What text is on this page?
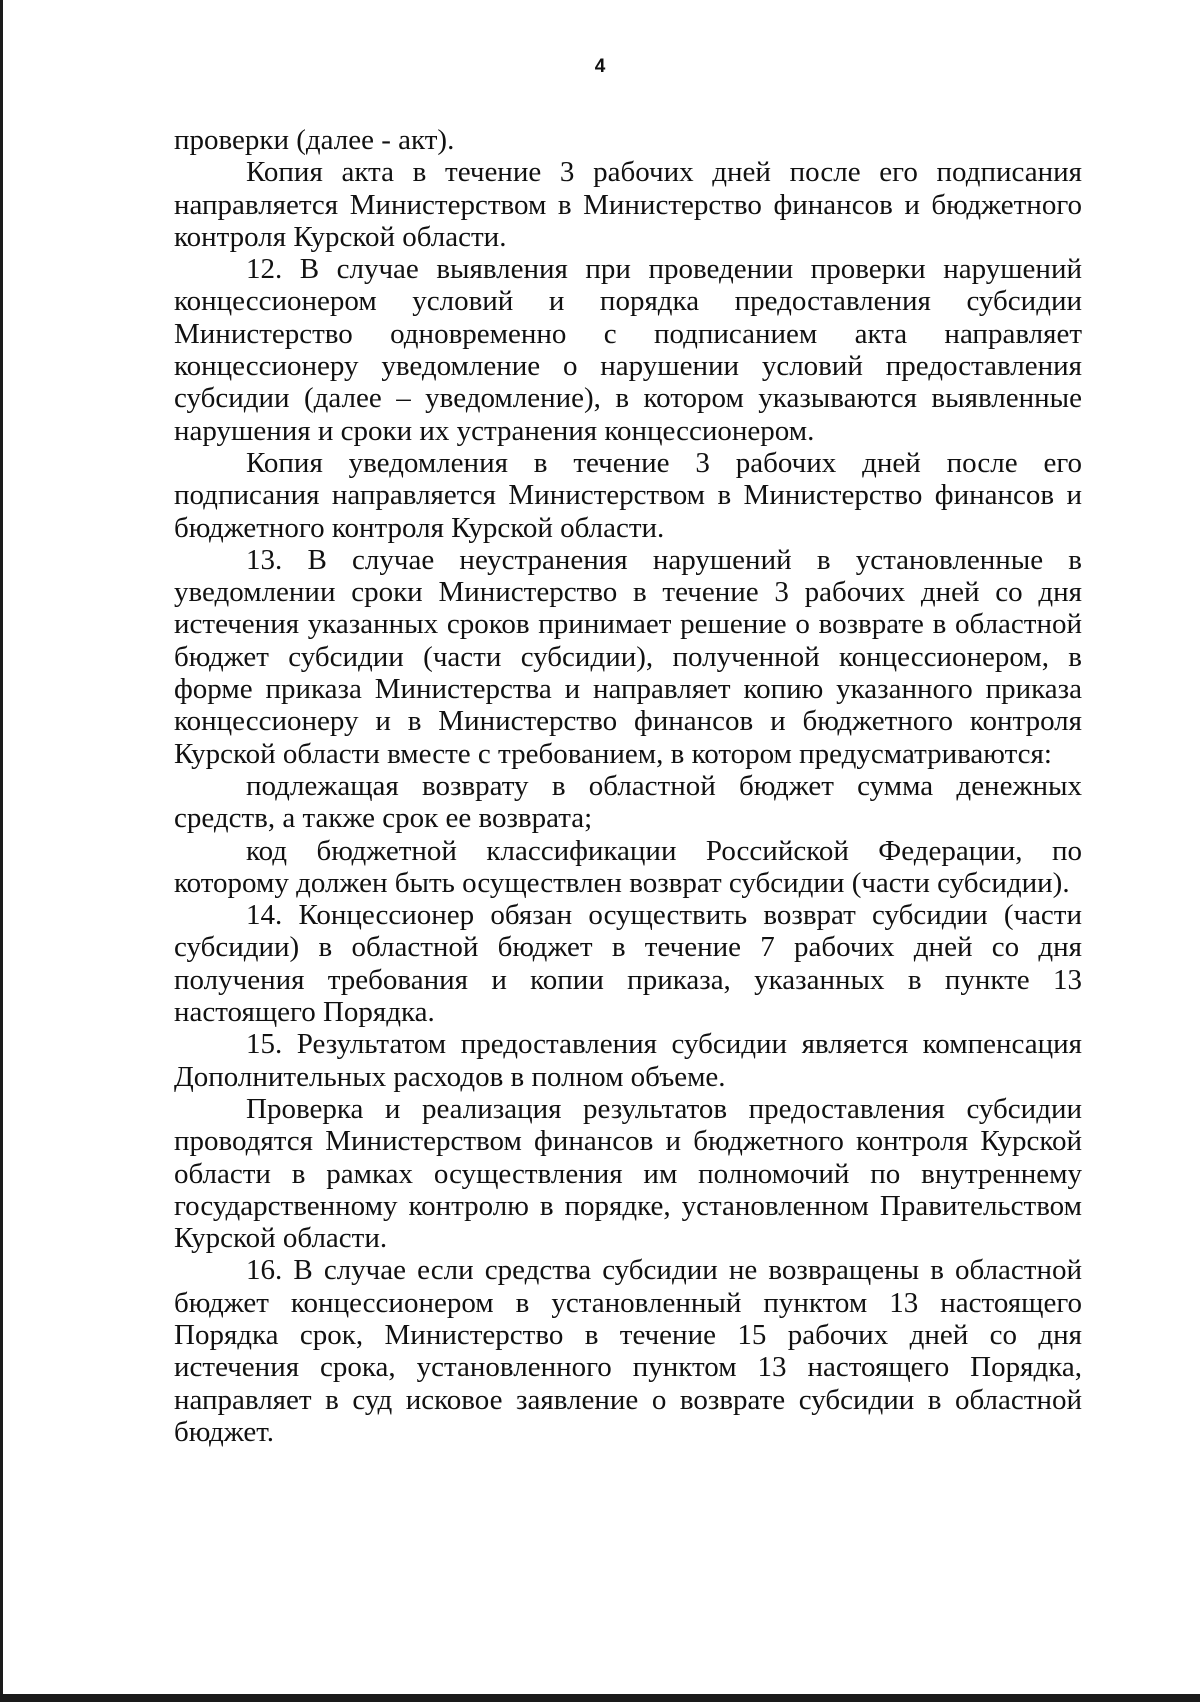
4

проверки (далее - акт).

Копия акта в течение 3 рабочих дней после его подписания направляется Министерством в Министерство финансов и бюджетного контроля Курской области.

12. В случае выявления при проведении проверки нарушений концессионером условий и порядка предоставления субсидии Министерство одновременно с подписанием акта направляет концессионеру уведомление о нарушении условий предоставления субсидии (далее – уведомление), в котором указываются выявленные нарушения и сроки их устранения концессионером.

Копия уведомления в течение 3 рабочих дней после его подписания направляется Министерством в Министерство финансов и бюджетного контроля Курской области.

13. В случае неустранения нарушений в установленные в уведомлении сроки Министерство в течение 3 рабочих дней со дня истечения указанных сроков принимает решение о возврате в областной бюджет субсидии (части субсидии), полученной концессионером, в форме приказа Министерства и направляет копию указанного приказа концессионеру и в Министерство финансов и бюджетного контроля Курской области вместе с требованием, в котором предусматриваются:

подлежащая возврату в областной бюджет сумма денежных средств, а также срок ее возврата;

код бюджетной классификации Российской Федерации, по которому должен быть осуществлен возврат субсидии (части субсидии).

14. Концессионер обязан осуществить возврат субсидии (части субсидии) в областной бюджет в течение 7 рабочих дней со дня получения требования и копии приказа, указанных в пункте 13 настоящего Порядка.

15. Результатом предоставления субсидии является компенсация Дополнительных расходов в полном объеме.

Проверка и реализация результатов предоставления субсидии проводятся Министерством финансов и бюджетного контроля Курской области в рамках осуществления им полномочий по внутреннему государственному контролю в порядке, установленном Правительством Курской области.

16. В случае если средства субсидии не возвращены в областной бюджет концессионером в установленный пунктом 13 настоящего Порядка срок, Министерство в течение 15 рабочих дней со дня истечения срока, установленного пунктом 13 настоящего Порядка, направляет в суд исковое заявление о возврате субсидии в областной бюджет.
